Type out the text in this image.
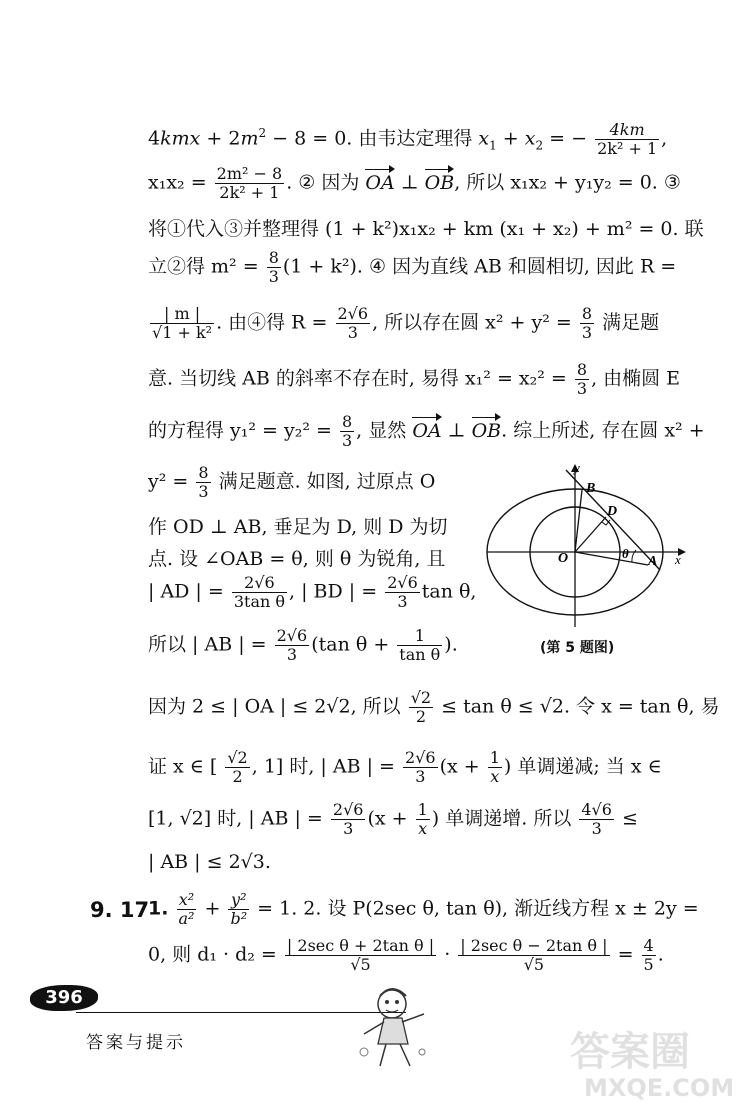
$4kmx + 2m^2 - 8 = 0$. 由韦达定理得 $x_1 + x_2$ = − $\frac{4km}{\text{2k² + 1}}$ ,
$x_1x_2 = \frac{\text{2m² − 8}}{\text{2k² + 1}}$ . ② 因为 OA ⊥ OB, 所以 x₁x₂ + y₁y₂ = 0. ③
将①代入③并整理得 (1 + k²)x₁x₂ + km (x₁ + x₂) + m² = 0. 联
立②得 $m^2 = \frac{8}{3} (1 + k^2)$. ④ 因为直线 AB 和圆相切, 因此 R =
$\frac{| m |}{\text{√1 + k²}}$ . 由④得 $R = \frac{2√6}{3}$ , 所以存在圆 $x^2 + y^2 = \frac{8}{3}$ 满足题
意. 当切线 AB 的斜率不存在时, 易得 $x_1^2 = x_2^2 = \frac{8}{3}$ , 由椭圆 E
的方程得 $y_1^2 = y_2^2 = \frac{8}{3}$ , 显然 OA ⊥ OB. 综上所述, 存在圆 x² +
$y^2 = \frac{8}{3}$ 满足题意. 如图, 过原点 O
作 OD ⊥ AB, 垂足为 D, 则 D 为切
点. 设 ∠OAB = θ, 则 θ 为锐角, 且
| AD | = $\frac{2√6}{\text{3tan θ}}$ , | BD | = $\frac{2√6}{3}$ tan θ,
所以 | AB | = $\frac{2√6}{3} (\tan$ $\theta + \frac{1}{\text{tan θ}}$ ).
y
x
O	A
B
D
θ
(第 5 题图)
因为 2 ≤ | OA | ≤ 2√2, 所以 $\frac{√2}{2} \le \tan \theta \le √2$. 令 x = tan θ, 易
证 x ∈ [ $\frac{√2}{2}$ , 1] 时, | AB | = $\frac{2√6}{3} (x + \frac{1}{x}$ ) 单调递减; 当 x ∈
[1, √2] 时, | AB | = $\frac{2√6}{3} (x + \frac{1}{x}$ ) 单调递增. 所以 $\frac{4√6}{3}$ ≤
| AB | ≤ 2√3.
9. 17
1. $\frac{\text{x²}}{\text{a²}} + \frac{\text{y²}}{\text{b²}} = 1$. 2. 设 P(2sec θ, tan θ), 渐近线方程 x ± 2y =
0, 则 $d_1 \cdot d_2 = \frac{\text{| 2sec θ + 2tan θ |}}{√5} \cdot \frac{\text{| 2sec θ − 2tan θ |}}{√5} = \frac{4}{5}$ .
396
答案与提示	答案圈
MXQE.COM
